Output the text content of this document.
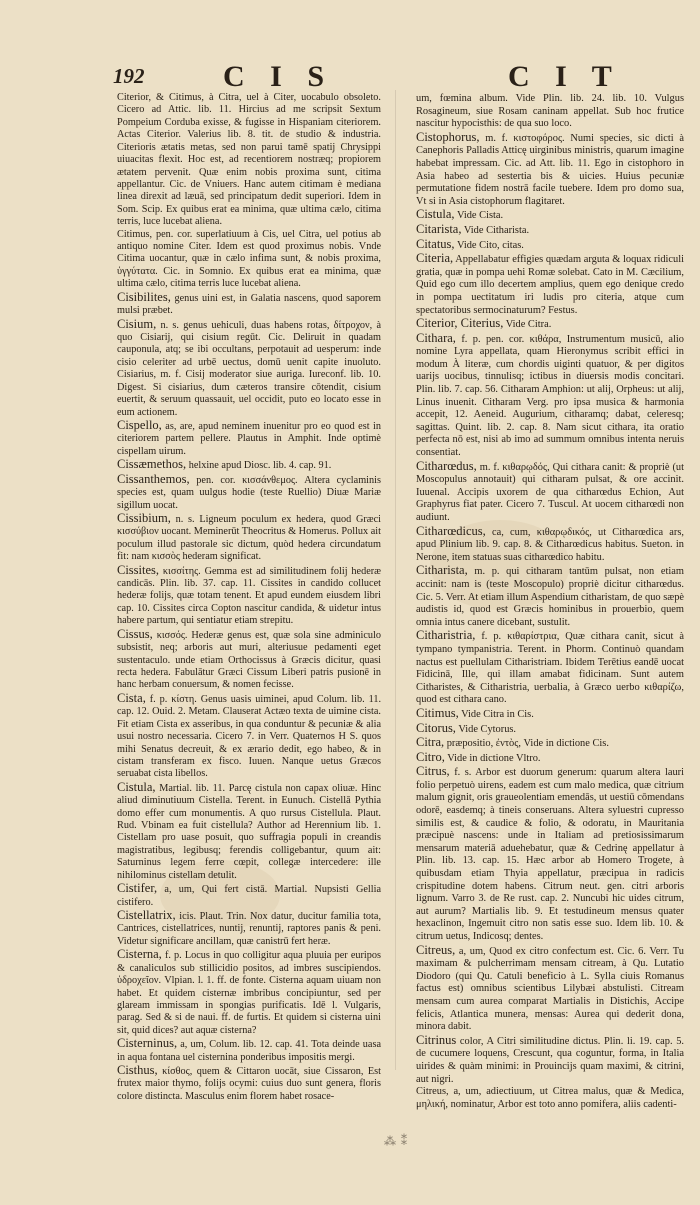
192	C I S	C I T

Citerior, & Citimus, à Citra, uel à Citer, uocabulo obsoleto. Cicero ad Attic. lib. 11. Hircius ad me scripsit Sextum Pompeium Corduba exisse, & fugisse in Hispaniam citeriorem. Actas Citerior. Valerius lib. 8. tit. de studio & industria. Citerioris ætatis metas, sed non parui tamē spatij Chrysippi uiuacitas flexit. Hoc est, ad recentiorem nostræq; propiorem ætatem pervenit. Quæ enim nobis proxima sunt, citima appellantur. Cic. de Vniuers. Hanc autem citimam è mediana linea direxit ad læuā, sed principatum dedit superiori. Idem in Som. Scip. Ex quibus erat ea minima, quæ ultima cælo, citima terris, luce lucebat aliena.

Citimus, pen. cor. superlatiuum à Cis, uel Citra, uel potius ab antiquo nomine Citer. Idem est quod proximus nobis. Vnde Citima uocantur, quæ in cælo infima sunt, & nobis proxima, ὑγγύτατα. Cic. in Somnio. Ex quibus erat ea minima, quæ ultima cælo, citima terris luce lucebat aliena.

Cisibilites, genus uini est, in Galatia nascens, quod saporem mulsi præbet.

Cisium, n. s. genus uehiculi, duas habens rotas, δίτροχον, à quo Cisiarij, qui cisium regūt. Cic. Deliruit in quadam cauponula, atq; se ibi occultans, perpotauit ad uesperum: inde cisio celeriter ad urbē uectus, domū uenit capite inuoluto. Cisiarius, m. f. Cisij moderator siue auriga. Iureconf. lib. 10. Digest. Si cisiarius, dum cæteros transire cōtendit, cisium euertit, & seruum quassauit, uel occidit, puto eo locato esse in eum actionem.

Cispello, as, are, apud neminem inuenitur pro eo quod est in citeriorem partem pellere. Plautus in Amphit. Inde optimè cispellam uirum.

Cissæmethos, helxine apud Diosc. lib. 4. cap. 91.

Cissanthemos, pen. cor. κισσάνθεμος. Altera cyclaminis species est, quam uulgus hodie (teste Ruellio) Diuæ Mariæ sigillum uocat.

Cissibium, n. s. Ligneum poculum ex hedera, quod Græci κισσύβιον uocant. Meminerūt Theocritus & Homerus. Pollux ait poculum illud pastorale sic dictum, quòd hedera circundatum fit: nam κισσὸς hederam significat.

Cissites, κισσίτης. Gemma est ad similitudinem folij hederæ candicās. Plin. lib. 37. cap. 11. Cissites in candido collucet hederæ folijs, quæ totam tenent. Et apud eundem eiusdem libri cap. 10. Cissites circa Copton nascitur candida, & uidetur intus habere partum, qui sentiatur etiam strepitu.

Cissus, κισσός. Hederæ genus est, quæ sola sine adminiculo subsistit, neq; arboris aut muri, alteriusue pedamenti eget sustentaculo. unde etiam Orthocissus à Græcis dicitur, quasi recta hedera. Fabulātur Græci Cissum Liberi patris pusionē in hanc herbam conuersum, & nomen fecisse.

Cista, f. p. κίστη. Genus uasis uiminei, apud Colum. lib. 11. cap. 12. Ouid. 2. Metam. Clauserat Actæo texta de uimine cista. Fit etiam Cista ex asseribus, in qua conduntur & pecuniæ & alia usui nostro necessaria. Cicero 7. in Verr. Quaternos H S. quos mihi Senatus decreuit, & ex ærario dedit, ego habeo, & in cistam transferam ex fisco. Iuuen. Nanque uetus Græcos seruabat cista libellos.

Cistula, Martial. lib. 11. Parcę cistula non capax oliuæ. Hinc aliud diminutiuum Cistella. Terent. in Eunuch. Cistellā Pythia domo effer cum monumentis. A quo rursus Cistellula. Plaut. Rud. Vbinam ea fuit cistellula? Author ad Herennium lib. 1. Cistellam pro uase posuit, quo suffragia populi in creandis magistratibus, legibusq; ferendis colligebantur, quum ait: Saturninus legem ferre cœpit, collegæ intercedere: ille nihilominus cistellam detulit.

Cistifer, a, um, Qui fert cistā. Martial. Nupsisti Gellia cistifero.

Cistellatrix, icis. Plaut. Trin. Nox datur, ducitur familia tota, Cantrices, cistellatrices, nuntij, renuntij, raptores panis & peni. Videtur significare ancillam, quæ canistrū fert heræ.

Cisterna, f. p. Locus in quo colligitur aqua pluuia per euripos & canaliculos sub stillicidio positos, ad imbres suscipiendos. ὑδροχεῖον. Vlpian. l. 1. ff. de fonte. Cisterna aquam uiuam non habet. Et quidem cisternæ imbribus concipiuntur, sed per glaream immissam in spongias purificatis. Idē l. Vulgaris, parag. Sed & si de naui. ff. de furtis. Et quidem si cisterna uini sit, quid dices? aut aquæ cisterna?

Cisterninus, a, um, Colum. lib. 12. cap. 41. Tota deinde uasa in aqua fontana uel cisternina ponderibus impositis mergi.

Cisthus, κίσθος, quem & Cittaron uocāt, siue Cissaron, Est frutex maior thymo, folijs ocymi: cuius duo sunt genera, floris colore distincta. Masculus enim florem habet rosace-

um, fœmina album. Vide Plin. lib. 24. lib. 10. Vulgus Rosagineum, siue Rosam caninam appellat. Sub hoc frutice nascitur hypocisthis: de qua suo loco.

Cistophorus, m. f. κιστοφόρος. Numi species, sic dicti à Canephoris Palladis Atticę uirginibus ministris, quarum imagine habebat impressam. Cic. ad Att. lib. 11. Ego in cistophoro in Asia habeo ad sestertia bis & uicies. Huius pecuniæ permutatione fidem nostrā facile tuebere. Idem pro domo sua, Vt si in Asia cistophorum flagitaret.

Cistula, Vide Cista.

Citarista, Vide Citharista.

Citatus, Vide Cito, citas.

Citeria, Appellabatur effigies quædam arguta & loquax ridiculi gratia, quæ in pompa uehi Romæ solebat. Cato in M. Cæcilium, Quid ego cum illo decertem amplius, quem ego denique credo in pompa uectitatum iri ludis pro citeria, atque cum spectatoribus sermocinaturum? Festus.

Citerior, Citerius, Vide Citra.

Cithara, f. p. pen. cor. κιθάρα, Instrumentum musicū, alio nomine Lyra appellata, quam Hieronymus scribit effici in modum À literæ, cum chordis uiginti quatuor, & per digitos uarijs uocibus, tinnulisq; ictibus in diuersis modis concitari. Plin. lib. 7. cap. 56. Citharam Amphion: ut alij, Orpheus: ut alij, Linus inuenit. Citharam Verg. pro ipsa musica & harmonia accepit, 12. Aeneid. Augurium, citharamq; dabat, celeresq; sagittas. Quint. lib. 2. cap. 8. Nam sicut cithara, ita oratio perfecta nō est, nisi ab imo ad summum omnibus intenta neruis consentiat.

Citharœdus, m. f. κιθαρῳδός, Qui cithara canit: & propriè (ut Moscopulus annotauit) qui citharam pulsat, & ore accinit. Iuuenal. Accipis uxorem de qua citharœdus Echion, Aut Graphyrus fiat pater. Cicero 7. Tuscul. At uocem citharœdi non audiunt.

Citharœdicus, ca, cum, κιθαρῳδικός, ut Citharœdica ars, apud Plinium lib. 9. cap. 8. & Citharœdicus habitus. Sueton. in Nerone, item statuas suas citharœdico habitu.

Citharista, m. p. qui citharam tantūm pulsat, non etiam accinit: nam is (teste Moscopulo) propriè dicitur citharœdus. Cic. 5. Verr. At etiam illum Aspendium citharistam, de quo sæpè audistis id, quod est Græcis hominibus in prouerbio, quem omnia intus canere dicebant, sustulit.

Citharistria, f. p. κιθαρίστρια, Quæ cithara canit, sicut à tympano tympanistria. Terent. in Phorm. Continuò quandam nactus est puellulam Citharistriam. Ibidem Terētius eandē uocat Fidicinā, Ille, qui illam amabat fidicinam. Sunt autem Citharistes, & Citharistria, uerbalia, à Græco uerbo κιθαρίζω, quod est cithara cano.

Citimus, Vide Citra in Cis.

Citorus, Vide Cytorus.

Citra, præpositio, ἐντὸς, Vide in dictione Cis.

Citro, Vide in dictione Vltro.

Citrus, f. s. Arbor est duorum generum: quarum altera lauri folio perpetuò uirens, eadem est cum malo medica, quæ citrium malum gignit, oris graueolentiam emendās, ut uestiū cōmendans odorē, easdemq; à tineis conseruans. Altera syluestri cupresso similis est, & caudice & folio, & odoratu, in Mauritania præcipuè nascens: unde in Italiam ad pretiosissimarum mensarum materiā aduehebatur, quæ & Cedrinę appellatur à Plin. lib. 13. cap. 15. Hæc arbor ab Homero Trogete, à quibusdam etiam Thyia appellatur, præcipua in radicis crispitudine dotem habens. Citrum neut. gen. citri arboris lignum. Varro 3. de Re rust. cap. 2. Nuncubi hic uides citrum, aut aurum? Martialis lib. 9. Et testudineum mensus quater hexaclinon, Ingemuit citro non satis esse suo. Idem lib. 10. & citrum uetus, Indicosq; dentes.

Citreus, a, um, Quod ex citro confectum est. Cic. 6. Verr. Tu maximam & pulcherrimam mensam citream, à Qu. Lutatio Diodoro (qui Qu. Catuli beneficio à L. Sylla ciuis Romanus factus est) omnibus scientibus Lilybæi abstulisti. Citream mensam cum aurea comparat Martialis in Distichis, Accipe felicis, Atlantica munera, mensas: Aurea qui dederit dona, minora dabit.

Citrinus color, A Citri similitudine dictus. Plin. li. 19. cap. 5. de cucumere loquens, Crescunt, qua coguntur, forma, in Italia uirides & quàm minimi: in Prouincijs quam maximi, & citrini, aut nigri.

Citreus, a, um, adiectiuum, ut Citrea malus, quæ & Medica, μηλική, nominatur, Arbor est toto anno pomifera, aliis cadenti-

⁂ ⁑
